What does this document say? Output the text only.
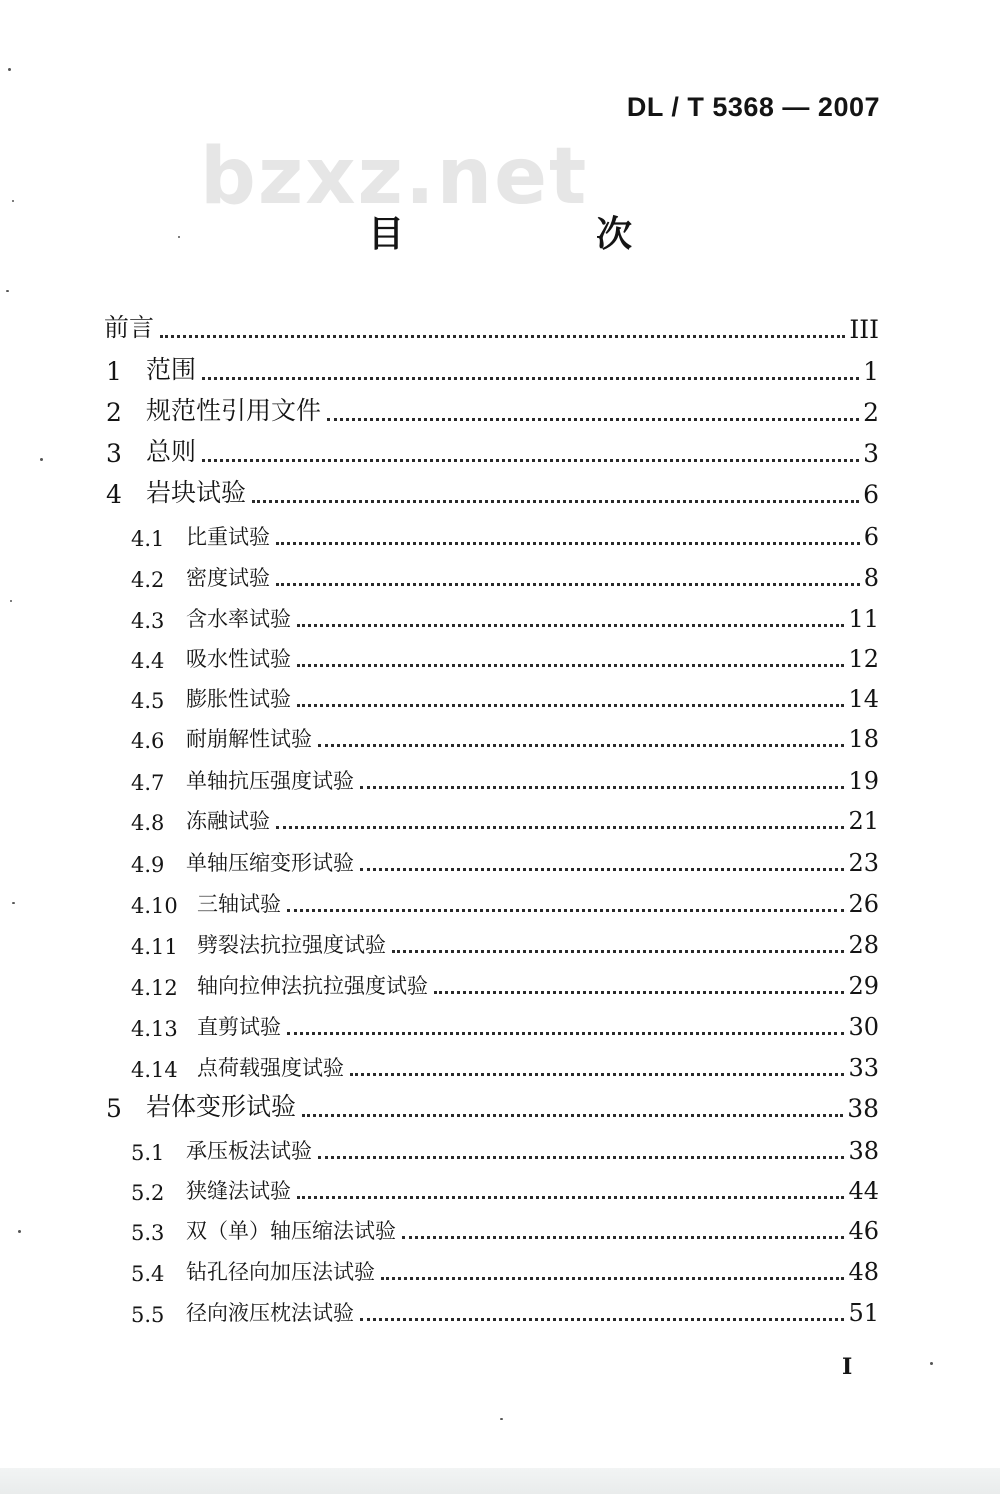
bzxz.net
DL / T 5368 — 2007
目　次
前言	III
1 范围	1
2 规范性引用文件	2
3 总则	3
4 岩块试验	6
4.1 比重试验	6
4.2 密度试验	8
4.3 含水率试验	11
4.4 吸水性试验	12
4.5 膨胀性试验	14
4.6 耐崩解性试验	18
4.7 单轴抗压强度试验	19
4.8 冻融试验	21
4.9 单轴压缩变形试验	23
4.10 三轴试验	26
4.11 劈裂法抗拉强度试验	28
4.12 轴向拉伸法抗拉强度试验	29
4.13 直剪试验	30
4.14 点荷载强度试验	33
5 岩体变形试验	38
5.1 承压板法试验	38
5.2 狭缝法试验	44
5.3 双（单）轴压缩法试验	46
5.4 钻孔径向加压法试验	48
5.5 径向液压枕法试验	51
I
